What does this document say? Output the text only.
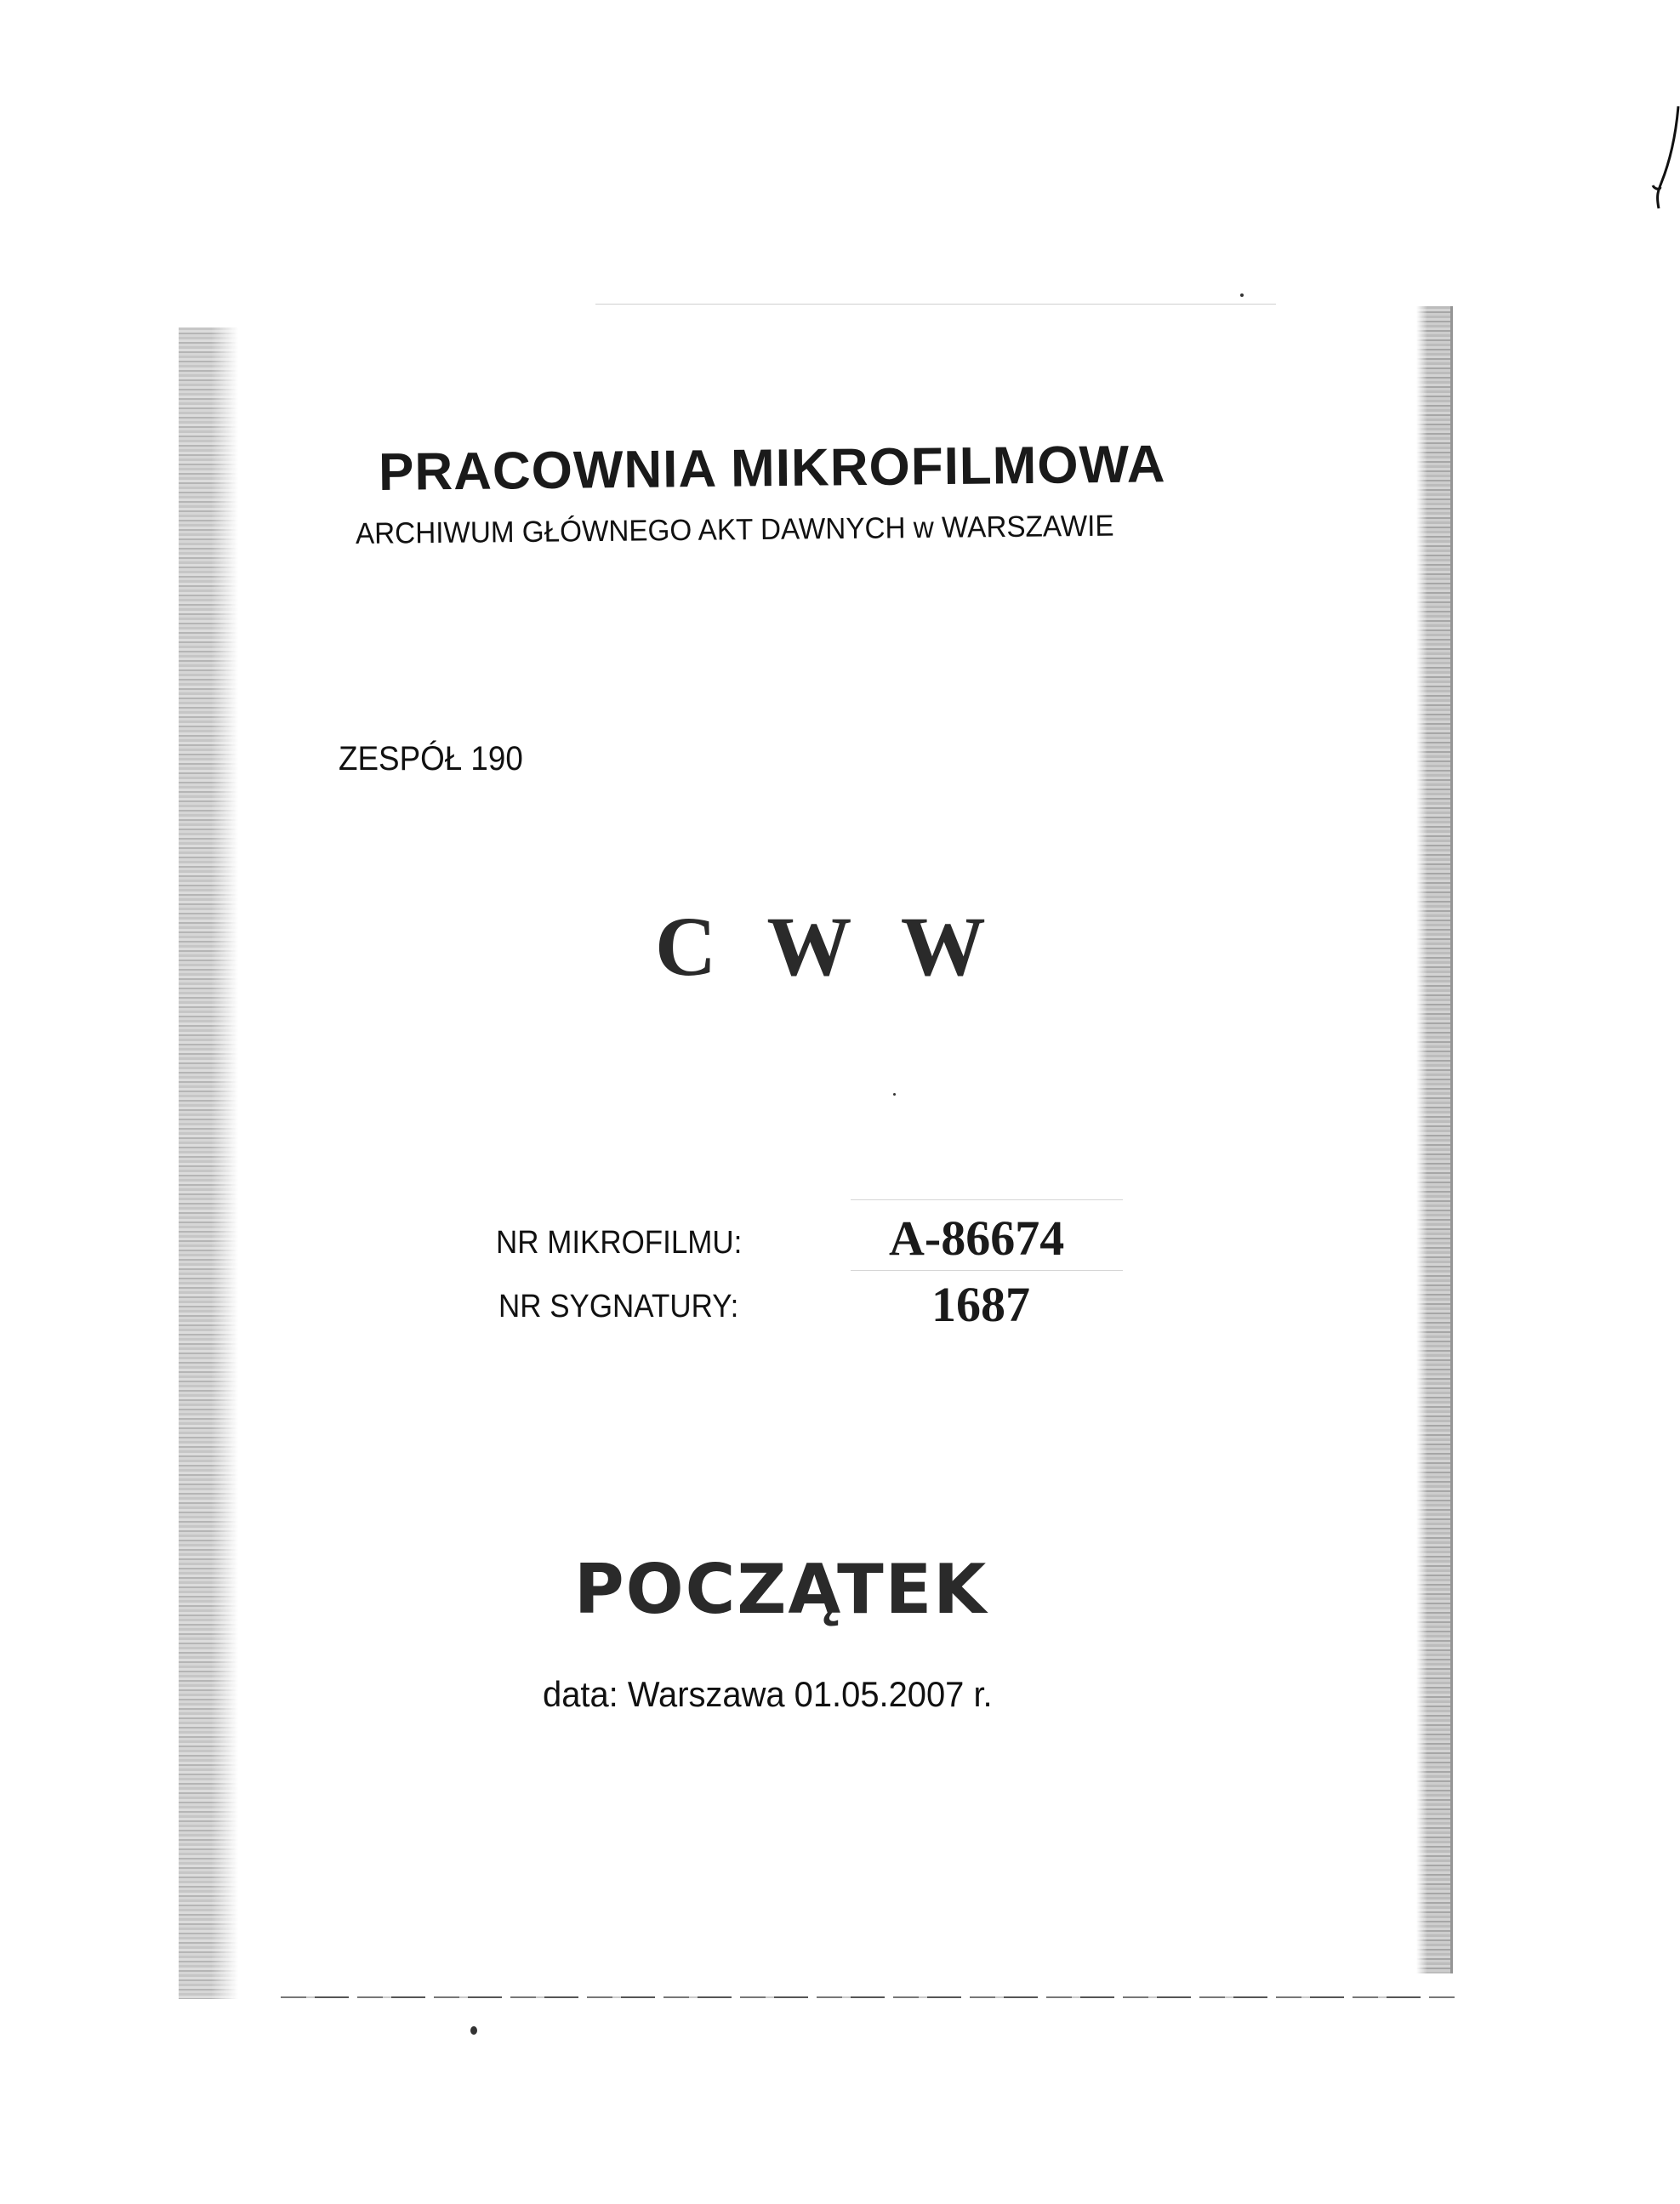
PRACOWNIA MIKROFILMOWA
ARCHIWUM GŁÓWNEGO AKT DAWNYCH w WARSZAWIE
ZESPÓŁ 190
C W W
NR MIKROFILMU:	A-86674
NR SYGNATURY:	1687
POCZĄTEK
data: Warszawa 01.05.2007 r.
